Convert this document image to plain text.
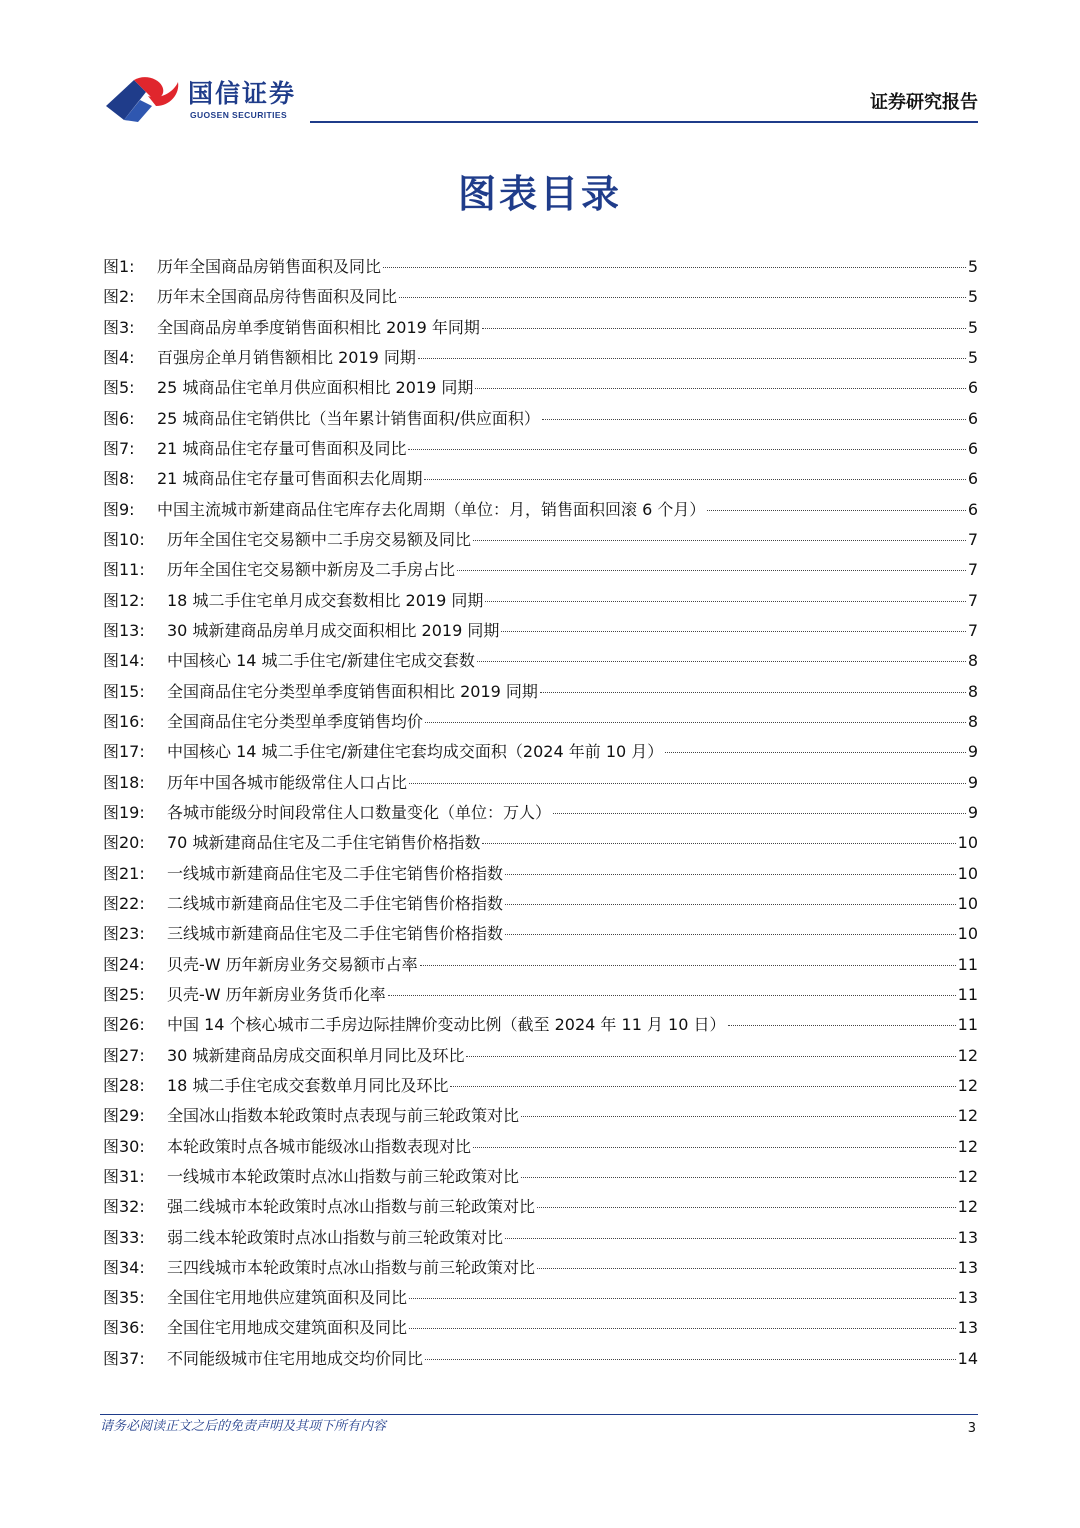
国信证券
GUOSEN SECURITIES
证券研究报告
图表目录
图1:	历年全国商品房销售面积及同比	5
图2:	历年末全国商品房待售面积及同比	5
图3:	全国商品房单季度销售面积相比 2019 年同期	5
图4:	百强房企单月销售额相比 2019 同期	5
图5:	25 城商品住宅单月供应面积相比 2019 同期	6
图6:	25 城商品住宅销供比（当年累计销售面积/供应面积）	6
图7:	21 城商品住宅存量可售面积及同比	6
图8:	21 城商品住宅存量可售面积去化周期	6
图9:	中国主流城市新建商品住宅库存去化周期（单位：月，销售面积回滚 6 个月）	6
图10:	历年全国住宅交易额中二手房交易额及同比	7
图11:	历年全国住宅交易额中新房及二手房占比	7
图12:	18 城二手住宅单月成交套数相比 2019 同期	7
图13:	30 城新建商品房单月成交面积相比 2019 同期	7
图14:	中国核心 14 城二手住宅/新建住宅成交套数	8
图15:	全国商品住宅分类型单季度销售面积相比 2019 同期	8
图16:	全国商品住宅分类型单季度销售均价	8
图17:	中国核心 14 城二手住宅/新建住宅套均成交面积（2024 年前 10 月）	9
图18:	历年中国各城市能级常住人口占比	9
图19:	各城市能级分时间段常住人口数量变化（单位：万人）	9
图20:	70 城新建商品住宅及二手住宅销售价格指数	10
图21:	一线城市新建商品住宅及二手住宅销售价格指数	10
图22:	二线城市新建商品住宅及二手住宅销售价格指数	10
图23:	三线城市新建商品住宅及二手住宅销售价格指数	10
图24:	贝壳-W 历年新房业务交易额市占率	11
图25:	贝壳-W 历年新房业务货币化率	11
图26:	中国 14 个核心城市二手房边际挂牌价变动比例（截至 2024 年 11 月 10 日）	11
图27:	30 城新建商品房成交面积单月同比及环比	12
图28:	18 城二手住宅成交套数单月同比及环比	12
图29:	全国冰山指数本轮政策时点表现与前三轮政策对比	12
图30:	本轮政策时点各城市能级冰山指数表现对比	12
图31:	一线城市本轮政策时点冰山指数与前三轮政策对比	12
图32:	强二线城市本轮政策时点冰山指数与前三轮政策对比	12
图33:	弱二线本轮政策时点冰山指数与前三轮政策对比	13
图34:	三四线城市本轮政策时点冰山指数与前三轮政策对比	13
图35:	全国住宅用地供应建筑面积及同比	13
图36:	全国住宅用地成交建筑面积及同比	13
图37:	不同能级城市住宅用地成交均价同比	14
请务必阅读正文之后的免责声明及其项下所有内容	3
